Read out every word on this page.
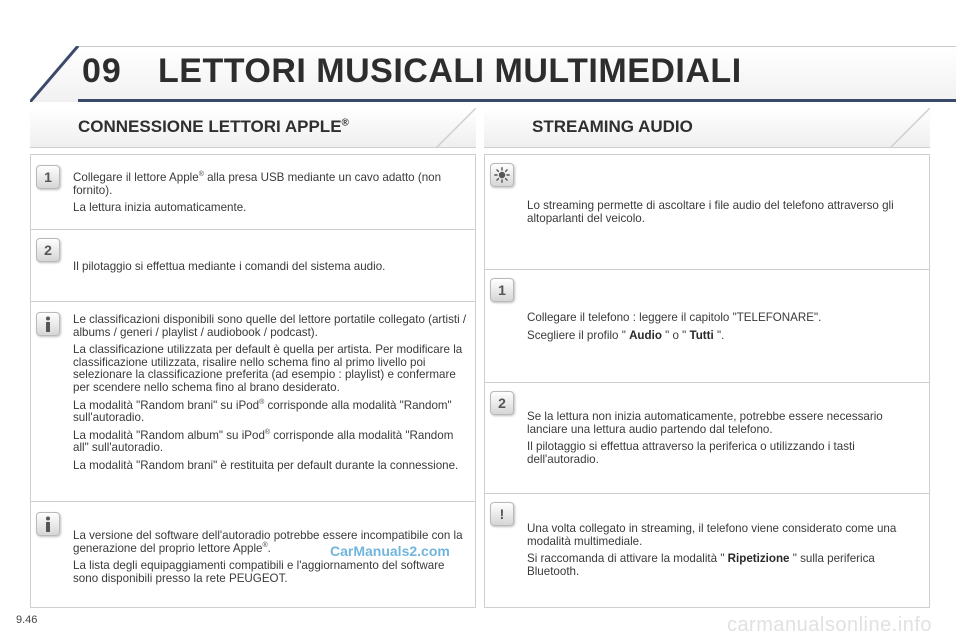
09 LETTORI MUSICALI MULTIMEDIALI
CONNESSIONE LETTORI APPLE®	STREAMING AUDIO
1	Collegare il lettore Apple® alla presa USB mediante un cavo adatto (non fornito).

La lettura inizia automaticamente.

2

Il pilotaggio si effettua mediante i comandi del sistema audio.

Le classificazioni disponibili sono quelle del lettore portatile collegato (artisti / albums / generi / playlist / audiobook / podcast).

La classificazione utilizzata per default è quella per artista. Per modificare la classificazione utilizzata, risalire nello schema fino al primo livello poi selezionare la classificazione preferita (ad esempio : playlist) e confermare per scendere nello schema fino al brano desiderato.

La modalità "Random brani" su iPod® corrisponde alla modalità "Random" sull'autoradio.

La modalità "Random album" su iPod® corrisponde alla modalità "Random all" sull'autoradio.

La modalità "Random brani" è restituita per default durante la connessione.

La versione del software dell'autoradio potrebbe essere incompatibile con la generazione del proprio lettore Apple®.

La lista degli equipaggiamenti compatibili e l'aggiornamento del software sono disponibili presso la rete PEUGEOT.

Lo streaming permette di ascoltare i file audio del telefono attraverso gli altoparlanti del veicolo.

1

Collegare il telefono : leggere il capitolo "TELEFONARE".

Scegliere il profilo " Audio " o " Tutti ".

2

Se la lettura non inizia automaticamente, potrebbe essere necessario lanciare una lettura audio partendo dal telefono.

Il pilotaggio si effettua attraverso la periferica o utilizzando i tasti dell'autoradio.

!

Una volta collegato in streaming, il telefono viene considerato come una modalità multimediale.

Si raccomanda di attivare la modalità " Ripetizione " sulla periferica Bluetooth.

CarManuals2.com
9.46	carmanualsonline.info
